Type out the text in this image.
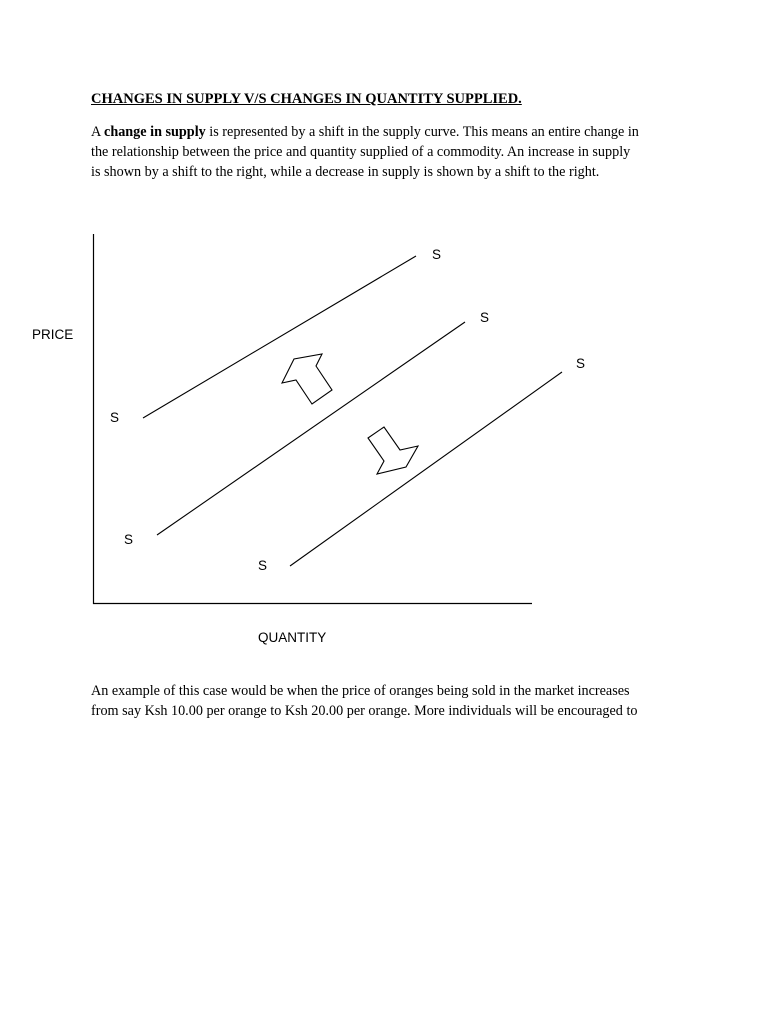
CHANGES IN SUPPLY V/S CHANGES IN QUANTITY SUPPLIED.
A change in supply is represented by a shift in the supply curve. This means an entire change in
the relationship between the price and quantity supplied of a commodity. An increase in supply
is shown by a shift to the right, while a decrease in supply is shown by a shift to the right.
PRICE
QUANTITY
S
S
S
S
S
S
An example of this case would be when the price of oranges being sold in the market increases
from say Ksh 10.00 per orange to Ksh 20.00 per orange. More individuals will be encouraged to
